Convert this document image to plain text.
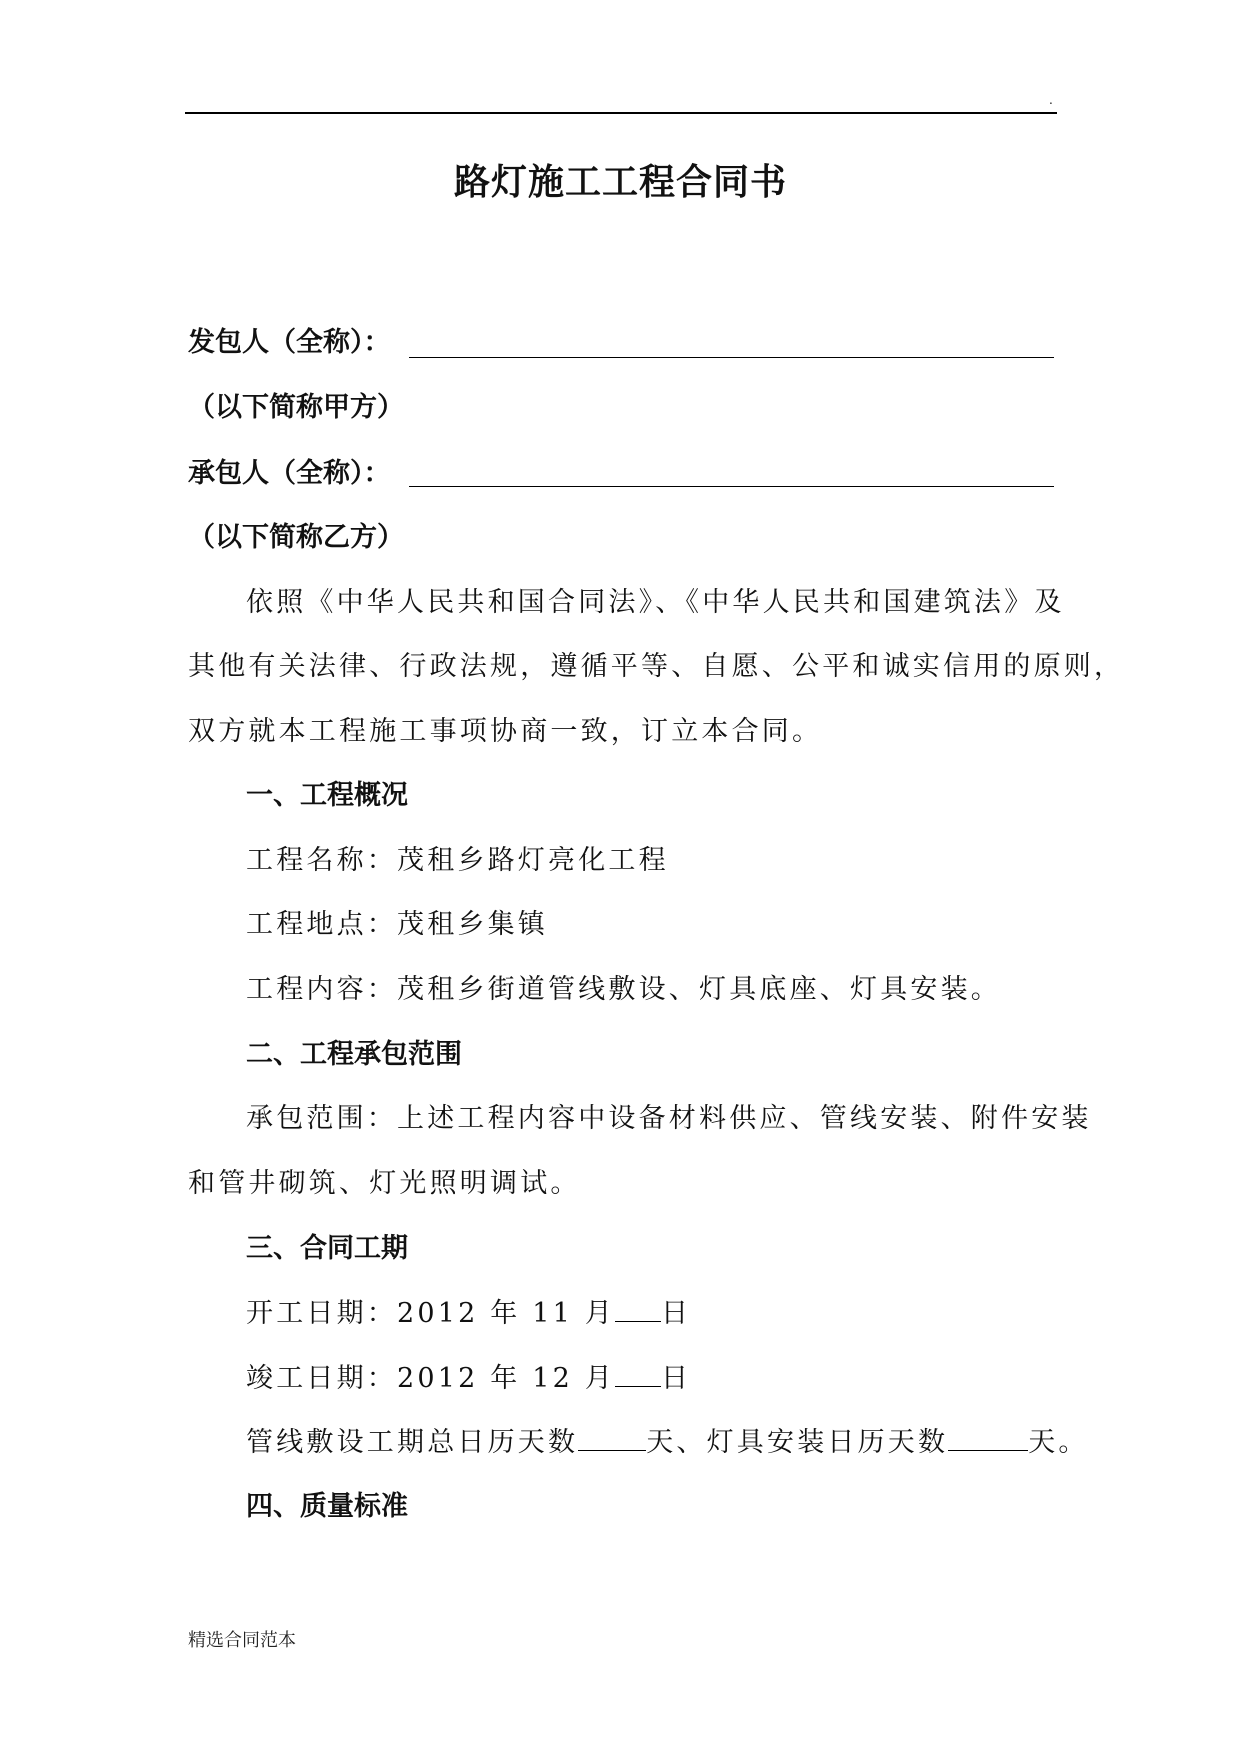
.
路灯施工工程合同书
发包人（全称）：
（以下简称甲方）
承包人（全称）：
（以下简称乙方）
依照《中华人民共和国合同法》、《中华人民共和国建筑法》及
其他有关法律、行政法规，遵循平等、自愿、公平和诚实信用的原则，
双方就本工程施工事项协商一致，订立本合同。
一、工程概况
工程名称：茂租乡路灯亮化工程
工程地点：茂租乡集镇
工程内容：茂租乡街道管线敷设、灯具底座、灯具安装。
二、工程承包范围
承包范围：上述工程内容中设备材料供应、管线安装、附件安装
和管井砌筑、灯光照明调试。
三、合同工期
开工日期：2012 年 11 月 日
竣工日期：2012 年 12 月 日
管线敷设工期总日历天数	天、灯具安装日历天数	天。
四、质量标准
精选合同范本
